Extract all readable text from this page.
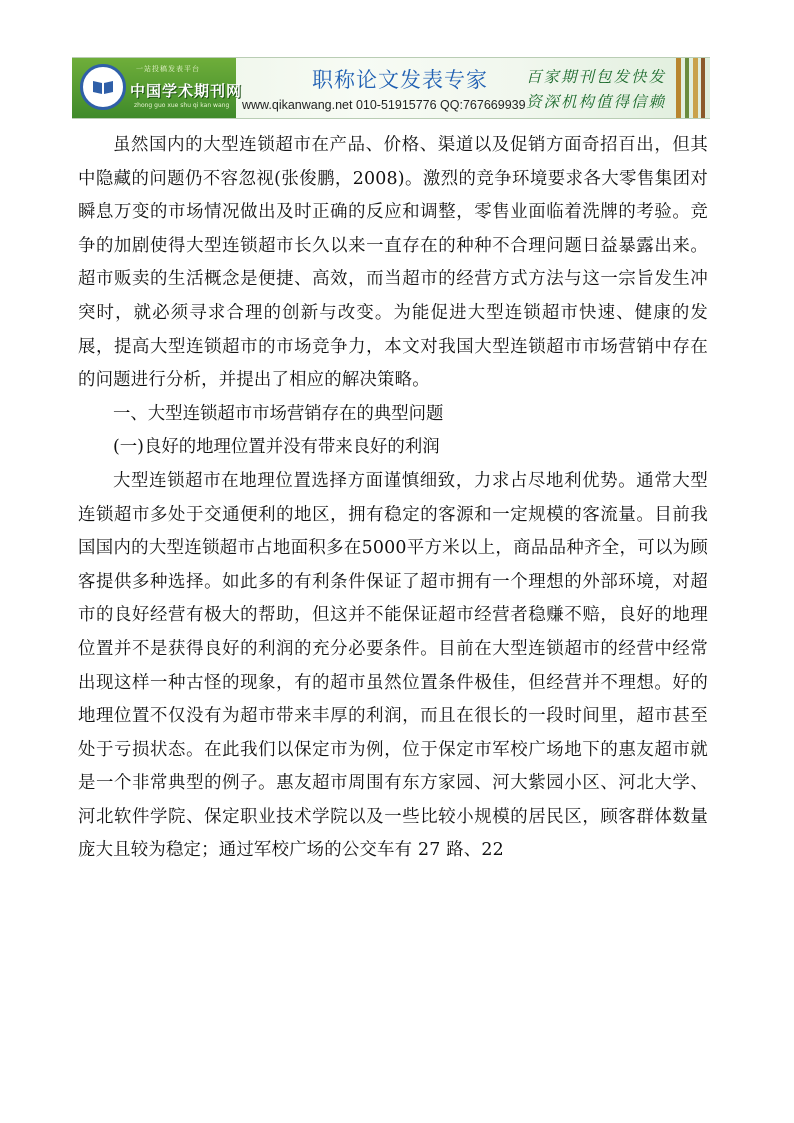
一站投稿发表平台
中国学术期刊网
zhong guo xue shu qi kan wang
职称论文发表专家
www.qikanwang.net 010-51915776 QQ:767669939
百家期刊包发快发
资深机构值得信赖

虽然国内的大型连锁超市在产品、价格、渠道以及促销方面奇招百出，但其中隐藏的问题仍不容忽视(张俊鹏，2008)。激烈的竞争环境要求各大零售集团对瞬息万变的市场情况做出及时正确的反应和调整，零售业面临着洗牌的考验。竞争的加剧使得大型连锁超市长久以来一直存在的种种不合理问题日益暴露出来。超市贩卖的生活概念是便捷、高效，而当超市的经营方式方法与这一宗旨发生冲突时，就必须寻求合理的创新与改变。为能促进大型连锁超市快速、健康的发展，提高大型连锁超市的市场竞争力，本文对我国大型连锁超市市场营销中存在的问题进行分析，并提出了相应的解决策略。

一、大型连锁超市市场营销存在的典型问题

(一)良好的地理位置并没有带来良好的利润

大型连锁超市在地理位置选择方面谨慎细致，力求占尽地利优势。通常大型连锁超市多处于交通便利的地区，拥有稳定的客源和一定规模的客流量。目前我国国内的大型连锁超市占地面积多在5000平方米以上，商品品种齐全，可以为顾客提供多种选择。如此多的有利条件保证了超市拥有一个理想的外部环境，对超市的良好经营有极大的帮助，但这并不能保证超市经营者稳赚不赔，良好的地理位置并不是获得良好的利润的充分必要条件。目前在大型连锁超市的经营中经常出现这样一种古怪的现象，有的超市虽然位置条件极佳，但经营并不理想。好的地理位置不仅没有为超市带来丰厚的利润，而且在很长的一段时间里，超市甚至处于亏损状态。在此我们以保定市为例，位于保定市军校广场地下的惠友超市就是一个非常典型的例子。惠友超市周围有东方家园、河大紫园小区、河北大学、河北软件学院、保定职业技术学院以及一些比较小规模的居民区，顾客群体数量庞大且较为稳定；通过军校广场的公交车有 27 路、22
